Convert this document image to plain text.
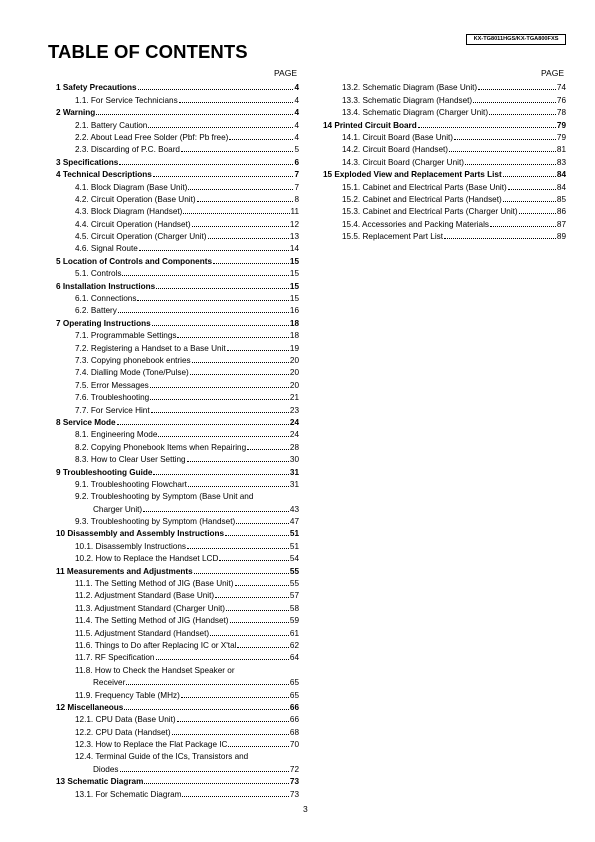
KX-TG8011HGS/KX-TGA800FXS
TABLE OF CONTENTS
PAGE	PAGE
1 Safety Precautions	4
1.1. For Service Technicians	4
2 Warning	4
2.1. Battery Caution	4
2.2. About Lead Free Solder (Pbf: Pb free)	4
2.3. Discarding of P.C. Board	5
3 Specifications	6
4 Technical Descriptions	7
4.1. Block Diagram (Base Unit)	7
4.2. Circuit Operation (Base Unit)	8
4.3. Block Diagram (Handset)	11
4.4. Circuit Operation (Handset)	12
4.5. Circuit Operation (Charger Unit)	13
4.6. Signal Route	14
5 Location of Controls and Components	15
5.1. Controls	15
6 Installation Instructions	15
6.1. Connections	15
6.2. Battery	16
7 Operating Instructions	18
7.1. Programmable Settings	18
7.2. Registering a Handset to a Base Unit	19
7.3. Copying phonebook entries	20
7.4. Dialling Mode (Tone/Pulse)	20
7.5. Error Messages	20
7.6. Troubleshooting	21
7.7. For Service Hint	23
8 Service Mode	24
8.1. Engineering Mode	24
8.2. Copying Phonebook Items when Repairing	28
8.3. How to Clear User Setting	30
9 Troubleshooting Guide	31
9.1. Troubleshooting Flowchart	31
9.2. Troubleshooting by Symptom (Base Unit and
Charger Unit)	43
9.3. Troubleshooting by Symptom (Handset)	47
10 Disassembly and Assembly Instructions	51
10.1. Disassembly Instructions	51
10.2. How to Replace the Handset LCD	54
11 Measurements and Adjustments	55
11.1. The Setting Method of JIG (Base Unit)	55
11.2. Adjustment Standard (Base Unit)	57
11.3. Adjustment Standard (Charger Unit)	58
11.4. The Setting Method of JIG (Handset)	59
11.5. Adjustment Standard (Handset)	61
11.6. Things to Do after Replacing IC or X'tal	62
11.7. RF Specification	64
11.8. How to Check the Handset Speaker or
Receiver	65
11.9. Frequency Table (MHz)	65
12 Miscellaneous	66
12.1. CPU Data (Base Unit)	66
12.2. CPU Data (Handset)	68
12.3. How to Replace the Flat Package IC	70
12.4. Terminal Guide of the ICs, Transistors and
Diodes	72
13 Schematic Diagram	73
13.1. For Schematic Diagram	73
13.2. Schematic Diagram (Base Unit)	74
13.3. Schematic Diagram (Handset)	76
13.4. Schematic Diagram (Charger Unit)	78
14 Printed Circuit Board	79
14.1. Circuit Board (Base Unit)	79
14.2. Circuit Board (Handset)	81
14.3. Circuit Board (Charger Unit)	83
15 Exploded View and Replacement Parts List	84
15.1. Cabinet and Electrical Parts (Base Unit)	84
15.2. Cabinet and Electrical Parts (Handset)	85
15.3. Cabinet and Electrical Parts (Charger Unit)	86
15.4. Accessories and Packing Materials	87
15.5. Replacement Part List	89
3
